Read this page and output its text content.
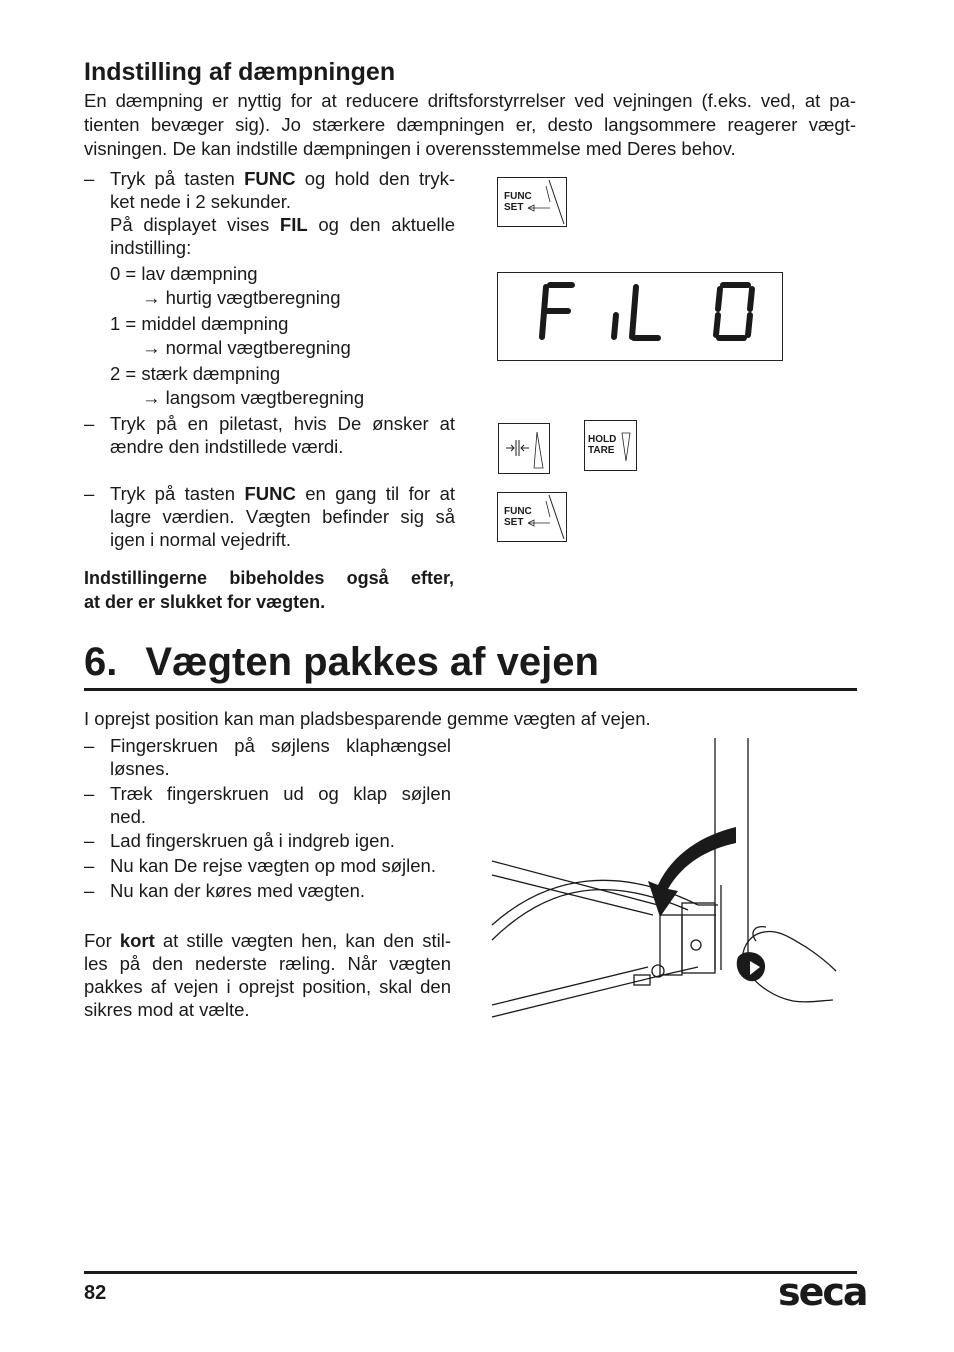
Indstilling af dæmpningen
En dæmpning er nyttig for at reducere driftsforstyrrelser ved vejningen (f.eks. ved, at pa-
tienten bevæger sig). Jo stærkere dæmpningen er, desto langsommere reagerer vægt-
visningen. De kan indstille dæmpningen i overensstemmelse med Deres behov.
– Tryk på tasten FUNC og hold den tryk-
ket nede i 2 sekunder.
På displayet vises FIL og den aktuelle
indstilling:
0 = lav dæmpning
→ hurtig vægtberegning
1 = middel dæmpning
→ normal vægtberegning
2 = stærk dæmpning
→ langsom vægtberegning
– Tryk på en piletast, hvis De ønsker at
ændre den indstillede værdi.
– Tryk på tasten FUNC en gang til for at
lagre værdien. Vægten befinder sig så
igen i normal vejedrift.
Indstillingerne bibeholdes også efter,
at der er slukket for vægten.
FUNC
SET
HOLD
TARE
FUNC
SET
6. Vægten pakkes af vejen
I oprejst position kan man pladsbesparende gemme vægten af vejen.
– Fingerskruen på søjlens klaphængsel
løsnes.
– Træk fingerskruen ud og klap søjlen
ned.
– Lad fingerskruen gå i indgreb igen.
– Nu kan De rejse vægten op mod søjlen.
– Nu kan der køres med vægten.
For kort at stille vægten hen, kan den stil-
les på den nederste ræling. Når vægten
pakkes af vejen i oprejst position, skal den
sikres mod at vælte.
82	seca
